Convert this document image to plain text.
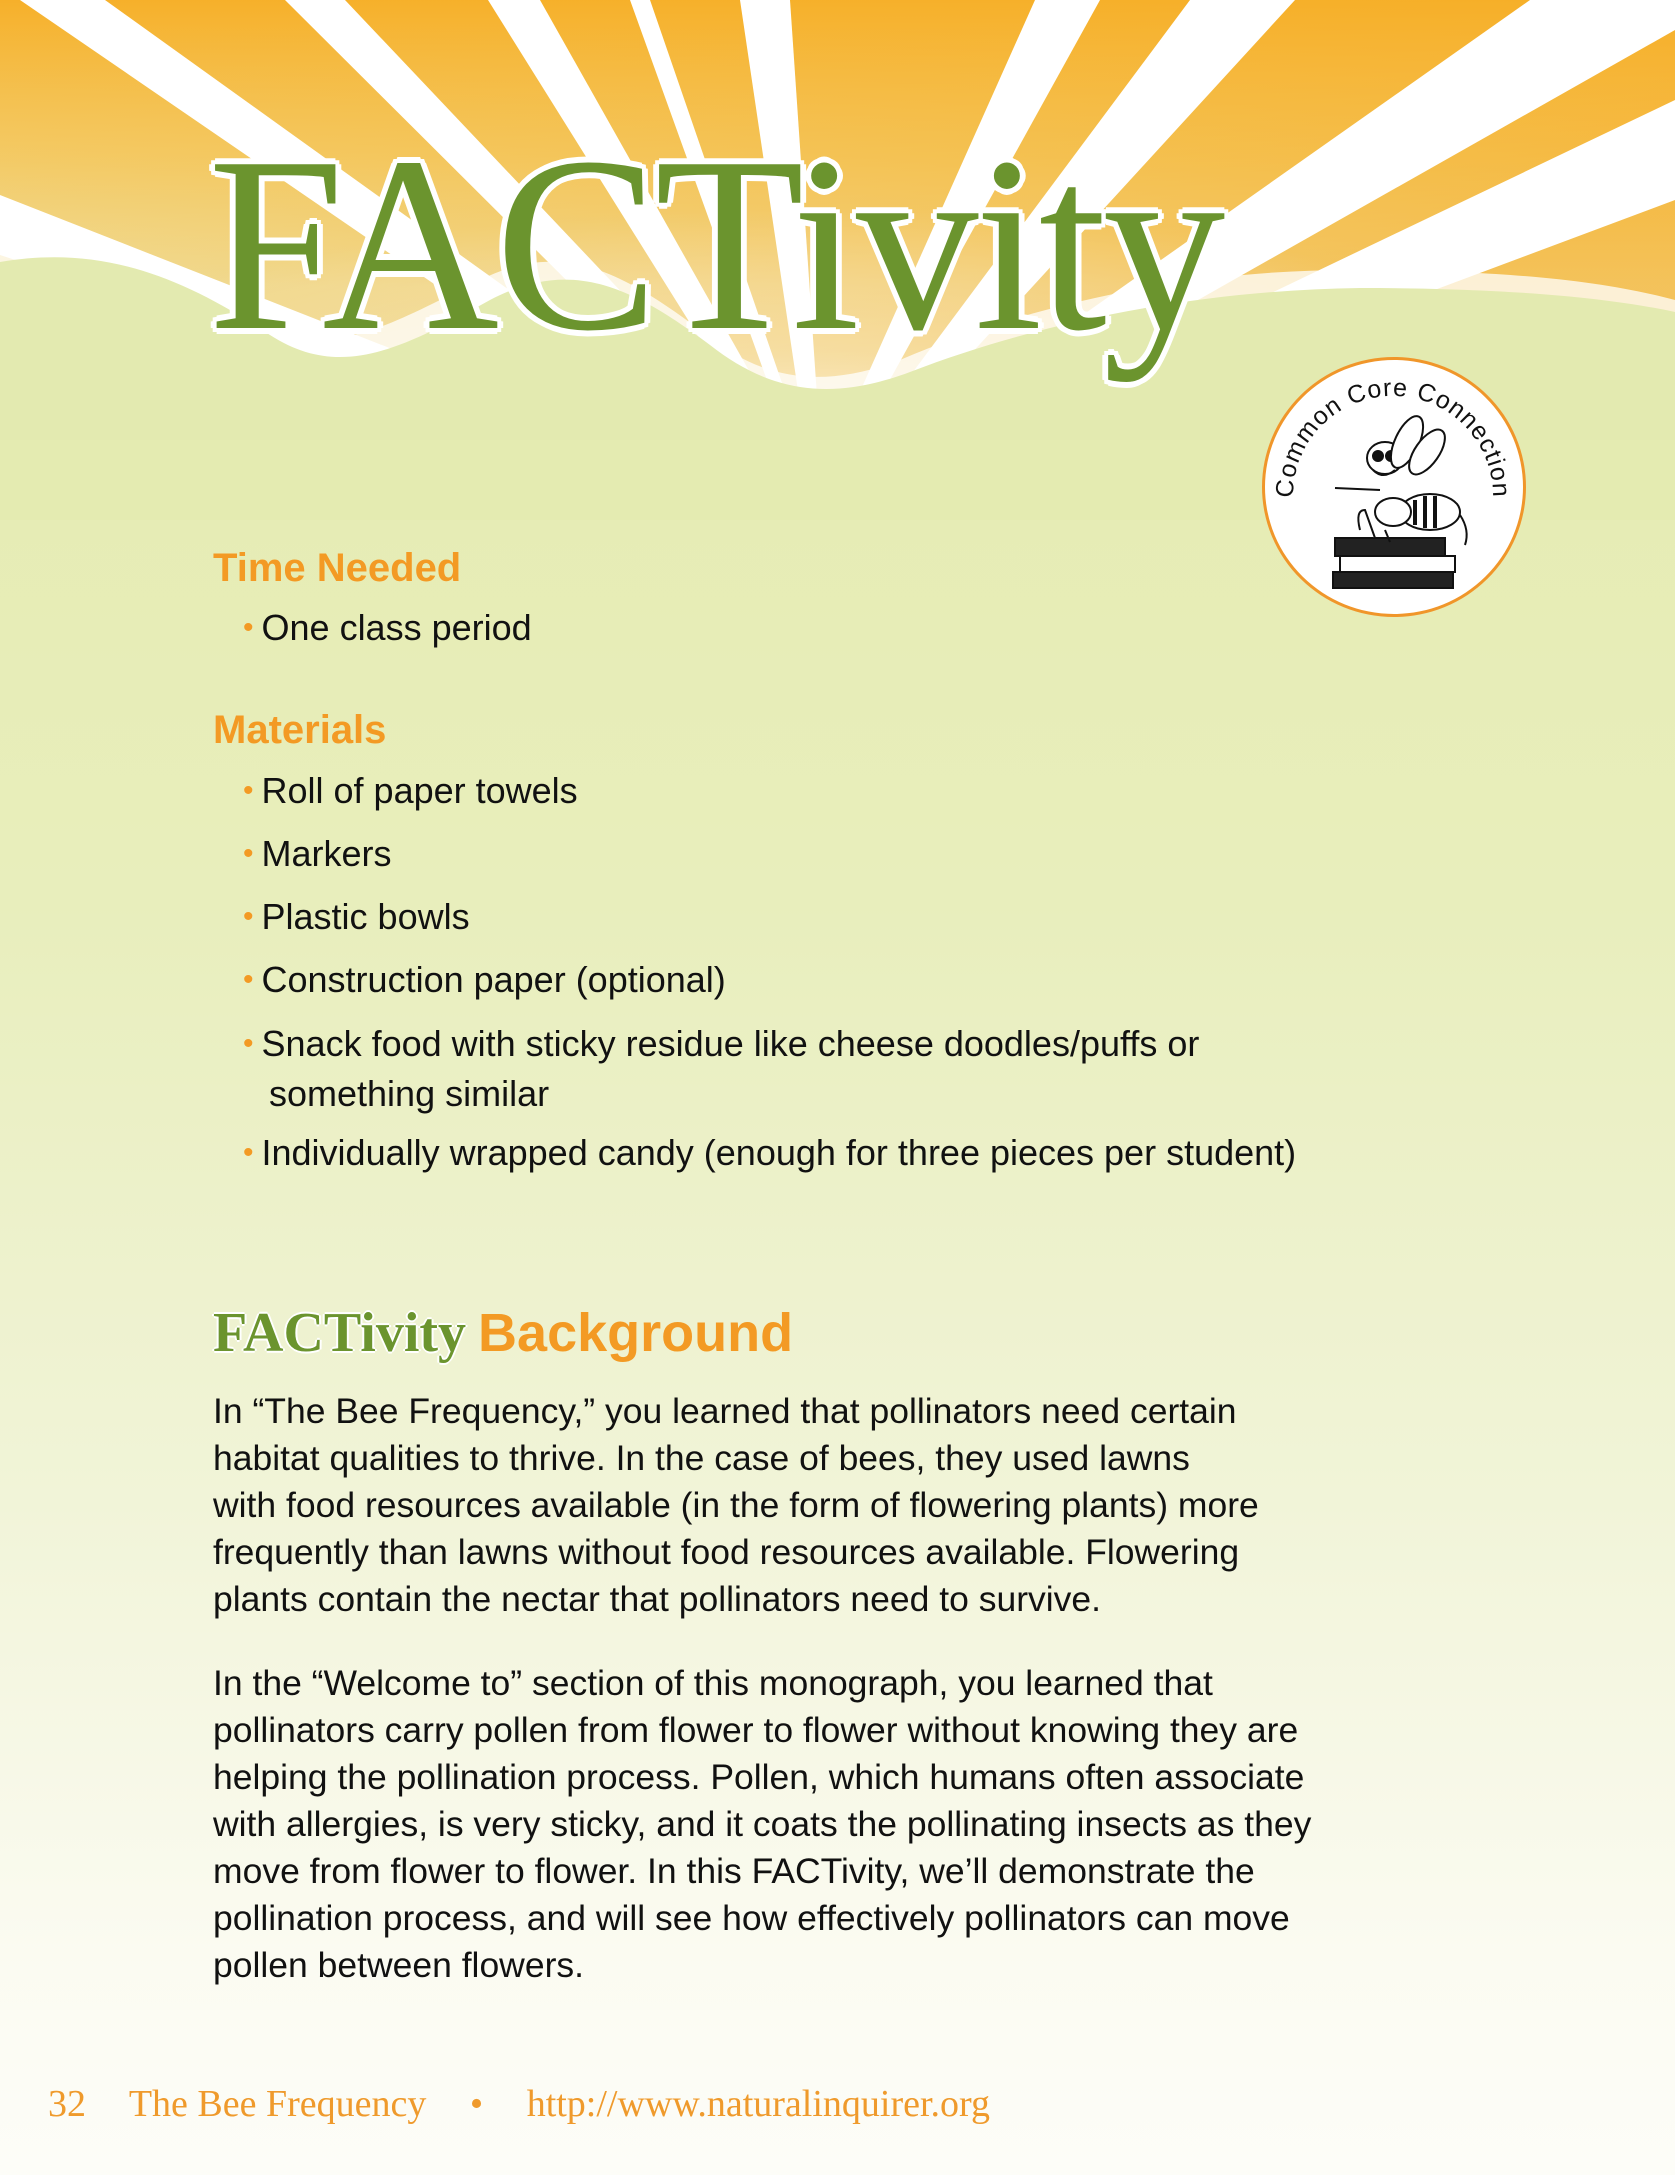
FACTivity
Common Core Connection
Time Needed

• One class period

Materials

• Roll of paper towels

• Markers

• Plastic bowls

• Construction paper (optional)

• Snack food with sticky residue like cheese doodles/puffs or
something similar

• Individually wrapped candy (enough for three pieces per student)

FACTivity Background
In “The Bee Frequency,” you learned that pollinators need certain
habitat qualities to thrive. In the case of bees, they used lawns
with food resources available (in the form of flowering plants) more
frequently than lawns without food resources available. Flowering
plants contain the nectar that pollinators need to survive.
In the “Welcome to” section of this monograph, you learned that
pollinators carry pollen from flower to flower without knowing they are
helping the pollination process. Pollen, which humans often associate
with allergies, is very sticky, and it coats the pollinating insects as they
move from flower to flower. In this FACTivity, we’ll demonstrate the
pollination process, and will see how effectively pollinators can move
pollen between flowers.
32 The Bee Frequency • http://www.naturalinquirer.org
